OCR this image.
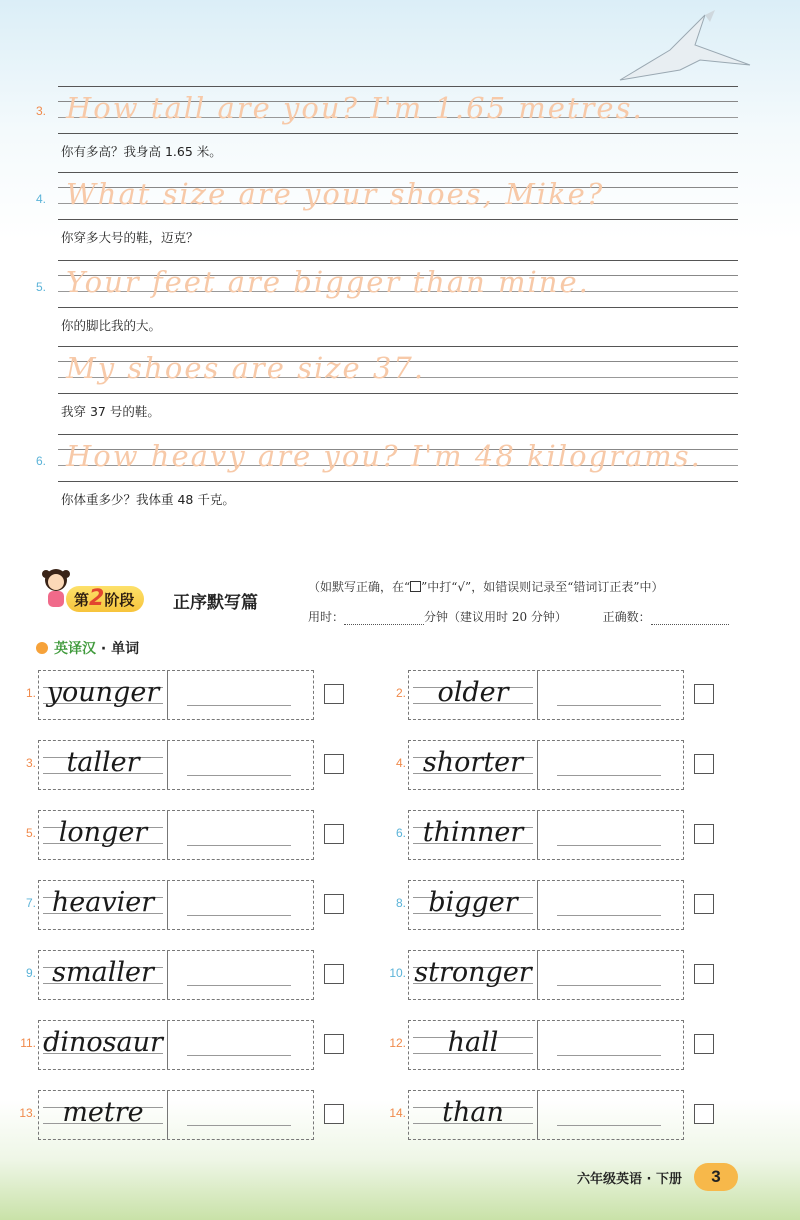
3. How tall are you? I'm 1.65 metres.
你有多高？我身高 1.65 米。
4. What size are your shoes, Mike?
你穿多大号的鞋，迈克？
5. Your feet are bigger than mine.
你的脚比我的大。
My shoes are size 37.
我穿 37 号的鞋。
6. How heavy are you? I'm 48 kilograms.
你体重多少？我体重 48 千克。
第2阶段	正序默写篇
（如默写正确，在“ ”中打“√”，如错误则记录至“错词订正表”中）
用时：	分钟（建议用时 20 分钟）	正确数：
英译汉 · 单词
1. younger	2.	older
3.	taller	4. shorter
5. longer	6. thinner
7. heavier	8. bigger
9. smaller	10. stronger
11. dinosaur	12.	hall
13. metre	14.	than
六年级英语 · 下册	3
